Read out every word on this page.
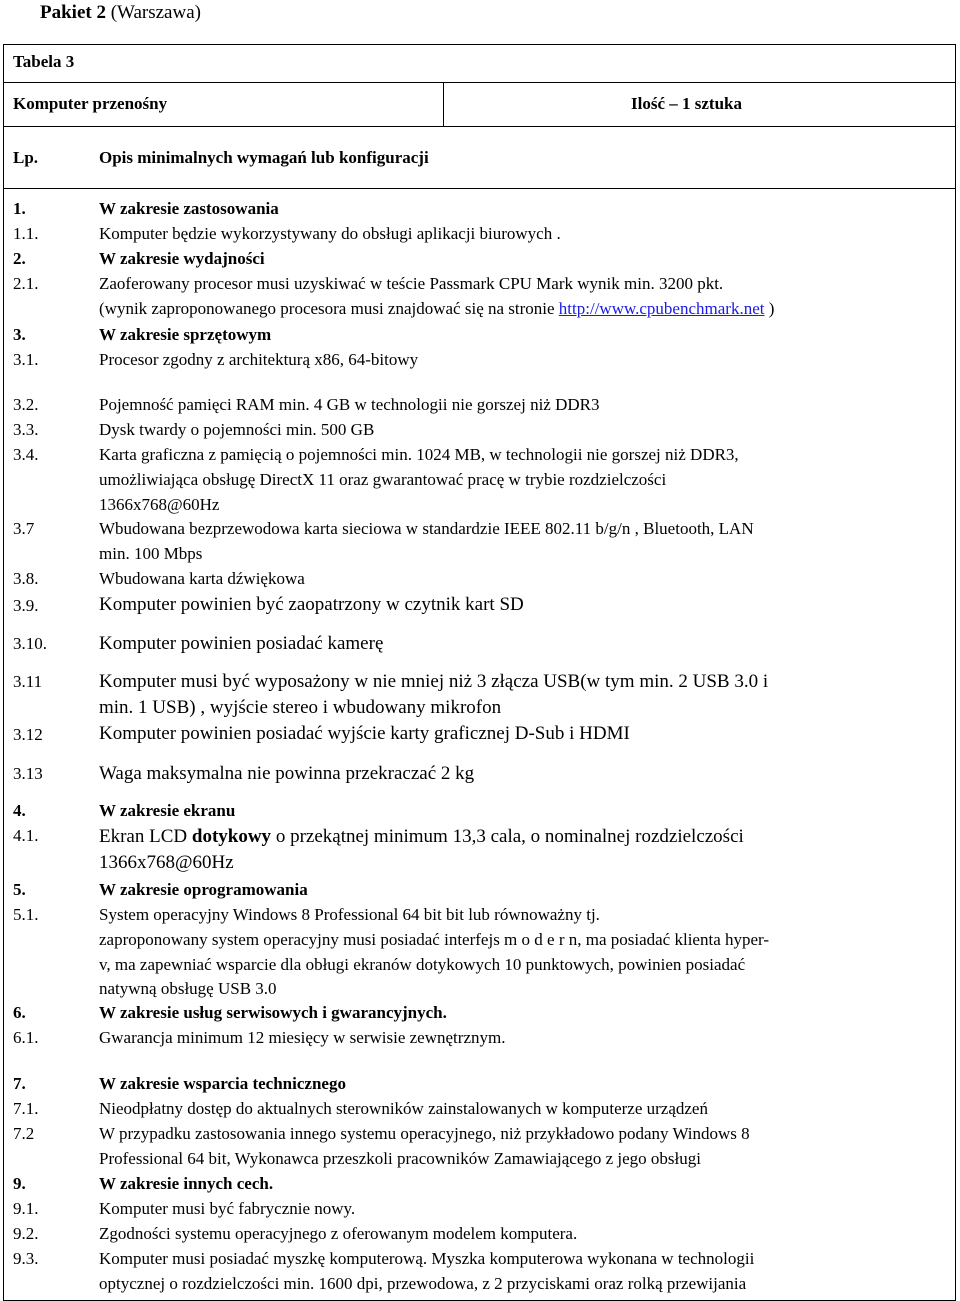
Pakiet 2 (Warszawa)
Tabela 3
Komputer przenośny	Ilość – 1 sztuka
Lp.	Opis minimalnych wymagań lub konfiguracji
1.	W zakresie zastosowania
1.1.	Komputer będzie wykorzystywany do obsługi aplikacji biurowych .
2.	W zakresie wydajności
2.1.	Zaoferowany procesor musi uzyskiwać w teście Passmark CPU Mark wynik min. 3200 pkt.
(wynik zaproponowanego procesora musi znajdować się na stronie http://www.cpubenchmark.net )
3.	W zakresie sprzętowym
3.1.	Procesor zgodny z architekturą x86, 64-bitowy
3.2.	Pojemność pamięci RAM min. 4 GB w technologii nie gorszej niż DDR3
3.3.	Dysk twardy o pojemności min. 500 GB
3.4.	Karta graficzna z pamięcią o pojemności min. 1024 MB, w technologii nie gorszej niż DDR3,
umożliwiająca obsługę DirectX 11 oraz gwarantować pracę w trybie rozdzielczości
1366x768@60Hz
3.7	Wbudowana bezprzewodowa karta sieciowa w standardzie IEEE 802.11 b/g/n , Bluetooth, LAN
min. 100 Mbps
3.8.	Wbudowana karta dźwiękowa
3.9.	Komputer powinien być zaopatrzony w czytnik kart SD
3.10.	Komputer powinien posiadać kamerę
3.11	Komputer musi być wyposażony w nie mniej niż 3 złącza USB(w tym min. 2 USB 3.0 i
min. 1 USB) , wyjście stereo i wbudowany mikrofon
3.12	Komputer powinien posiadać wyjście karty graficznej D-Sub i HDMI
3.13	Waga maksymalna nie powinna przekraczać 2 kg
4.	W zakresie ekranu
4.1.	Ekran LCD dotykowy o przekątnej minimum 13,3 cala, o nominalnej rozdzielczości
1366x768@60Hz
5.	W zakresie oprogramowania
5.1.	System operacyjny Windows 8 Professional 64 bit bit lub równoważny tj.
zaproponowany system operacyjny musi posiadać interfejs m o d e r n, ma posiadać klienta hyper-
v, ma zapewniać wsparcie dla obługi ekranów dotykowych 10 punktowych, powinien posiadać
natywną obsługę USB 3.0
6.	W zakresie usług serwisowych i gwarancyjnych.
6.1.	Gwarancja minimum 12 miesięcy w serwisie zewnętrznym.
7.	W zakresie wsparcia technicznego
7.1.	Nieodpłatny dostęp do aktualnych sterowników zainstalowanych w komputerze urządzeń
7.2	W przypadku zastosowania innego systemu operacyjnego, niż przykładowo podany Windows 8
Professional 64 bit, Wykonawca przeszkoli pracowników Zamawiającego z jego obsługi
9.	W zakresie innych cech.
9.1.	Komputer musi być fabrycznie nowy.
9.2.	Zgodności systemu operacyjnego z oferowanym modelem komputera.
9.3.	Komputer musi posiadać myszkę komputerową. Myszka komputerowa wykonana w technologii
optycznej o rozdzielczości min. 1600 dpi, przewodowa, z 2 przyciskami oraz rolką przewijania
